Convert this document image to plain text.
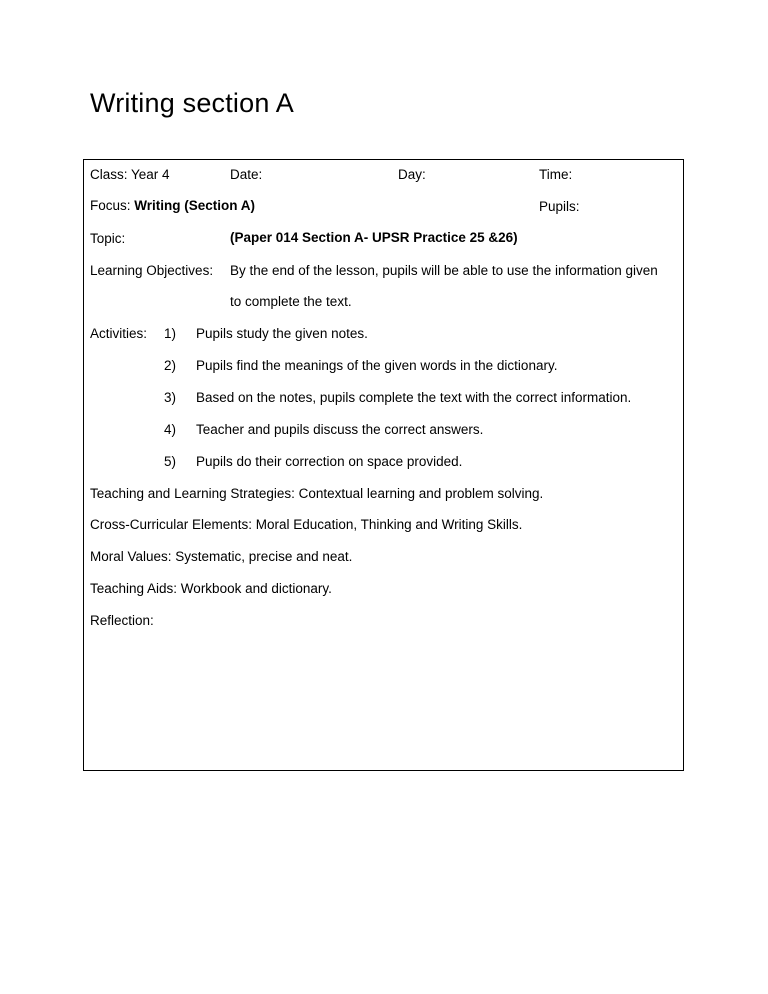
Writing section A
Class: Year 4	Date:	Day:	Time:
Focus: Writing (Section A)	Pupils:
Topic:	(Paper 014 Section A- UPSR Practice 25 &26)
Learning Objectives: By the end of the lesson, pupils will be able to use the information given
to complete the text.
Activities: 1) Pupils study the given notes.
2) Pupils find the meanings of the given words in the dictionary.
3) Based on the notes, pupils complete the text with the correct information.
4) Teacher and pupils discuss the correct answers.
5) Pupils do their correction on space provided.
Teaching and Learning Strategies: Contextual learning and problem solving.
Cross-Curricular Elements: Moral Education, Thinking and Writing Skills.
Moral Values: Systematic, precise and neat.
Teaching Aids: Workbook and dictionary.
Reflection:
